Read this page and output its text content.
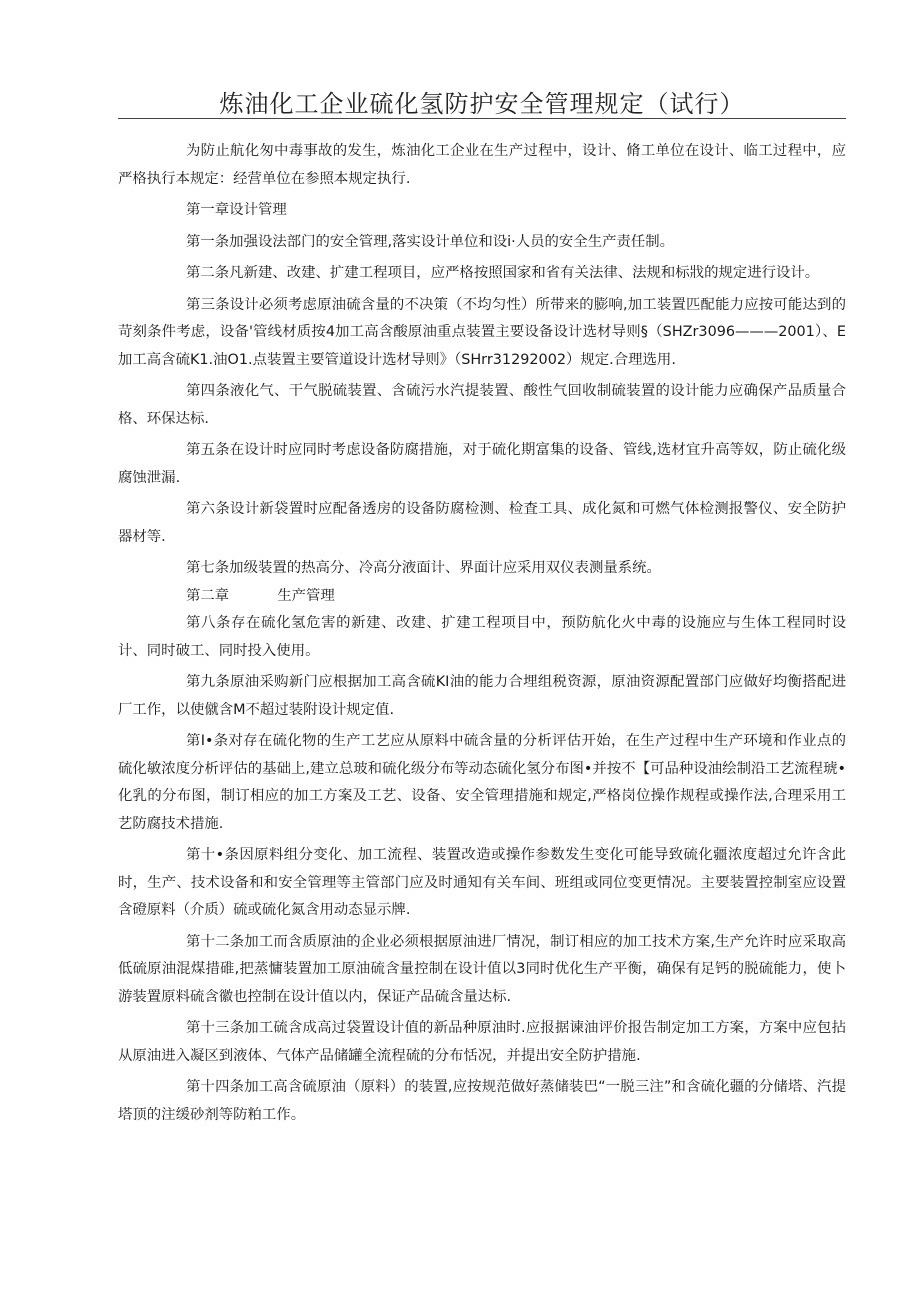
炼油化工企业硫化氢防护安全管理规定（试行）

为防止航化匆中毒事故的发生，炼油化工企业在生产过程中，设计、脩工单位在设计、临工过程中，应严格执行本规定：经营单位在参照本规定执行.

第一章设计管理

第一条加强设法部门的安全管理,落实设计单位和设i·人员的安全生产责任制。

第二条凡新建、改建、扩建工程项目，应严格按照国家和省有关法律、法规和标戕的规定进行设计。

第三条设计必须考虑原油硫含量的不决策（不均匀性）所带来的膨响,加工装置匹配能力应按可能达到的苛刻条件考虑，设备'管线材质按4加工高含酸原油重点装置主要设备设计选材导则§（SHZr3096———2001）、E加工高含硫K1.油O1.点装置主要管道设计选材导则》（SHrr31292002）规定.合理选用.

第四条液化气、干气脱硫装置、含硫污水汽提装置、酸性气回收制硫装置的设计能力应确保产品质量合格、环保达标.

第五条在设计时应同时考虑设备防腐措施，对于硫化期富集的设备、管线,选材宜升高等奴，防止硫化级腐蚀泄漏.

第六条设计新袋置时应配备透房的设备防腐检测、检査工具、成化氮和可燃气体检测报警仪、安全防护器材等.

第七条加级装置的热高分、冷高分液面计、界面计应采用双仪表测量系统。

第二章	生产管理

第八条存在硫化氢危害的新建、改建、扩建工程项目中，预防航化火中毒的设施应与生体工程同时设计、同时破工、同时投入使用。

第九条原油采购新门应根据加工高含硫KI油的能力合埋组税资源，原油资源配置部门应做好均衡搭配进厂工作，以使僦含M不超过装附设计规定值.

第I•条对存在硫化物的生产工艺应从原料中硫含量的分析评估开始，在生产过程中生产环境和作业点的硫化敏浓度分析评估的基础上,建立总玻和硫化级分布等动态硫化氢分布图•并按不【可品种设油绘制沿工艺流程琥•化乳的分布图，制订相应的加工方案及工艺、设备、安全管理措施和规定,严格岗位操作规程或操作法,合理采用工艺防腐技术措施.

第十•条因原料组分变化、加工流程、装置改造或操作参数发生变化可能导致硫化疆浓度超过允许含此时，生产、技术设备和和安全管理等主管部门应及时通知有关车间、班组或同位变更情况。主要装置控制室应设置含磴原料（介质）硫或硫化氮含用动态显示牌.

第十二条加工而含质原油的企业必须根据原油进厂情况，制订相应的加工技术方案,生产允许时应采取高低硫原油混煤措碓,把蒸慵装置加工原油硫含量控制在设计值以3同时优化生产平衡，确保有足钙的脱硫能力，使卜游装置原料硫含徽也控制在设计值以内，保证产品硫含量达标.

第十三条加工硫含成高过袋置设计值的新品种原油时.应报据谏油评价报告制定加工方案，方案中应包拈从原油进入凝区到液体、气体产品储罐全流程硫的分布恬况，并提出安全防护措施.

第十四条加工高含硫原油（原料）的装置,应按规范做好蒸储装巴“一脱三注”和含硫化疆的分储塔、汽提塔顶的注缓砂剂等防粕工作。
